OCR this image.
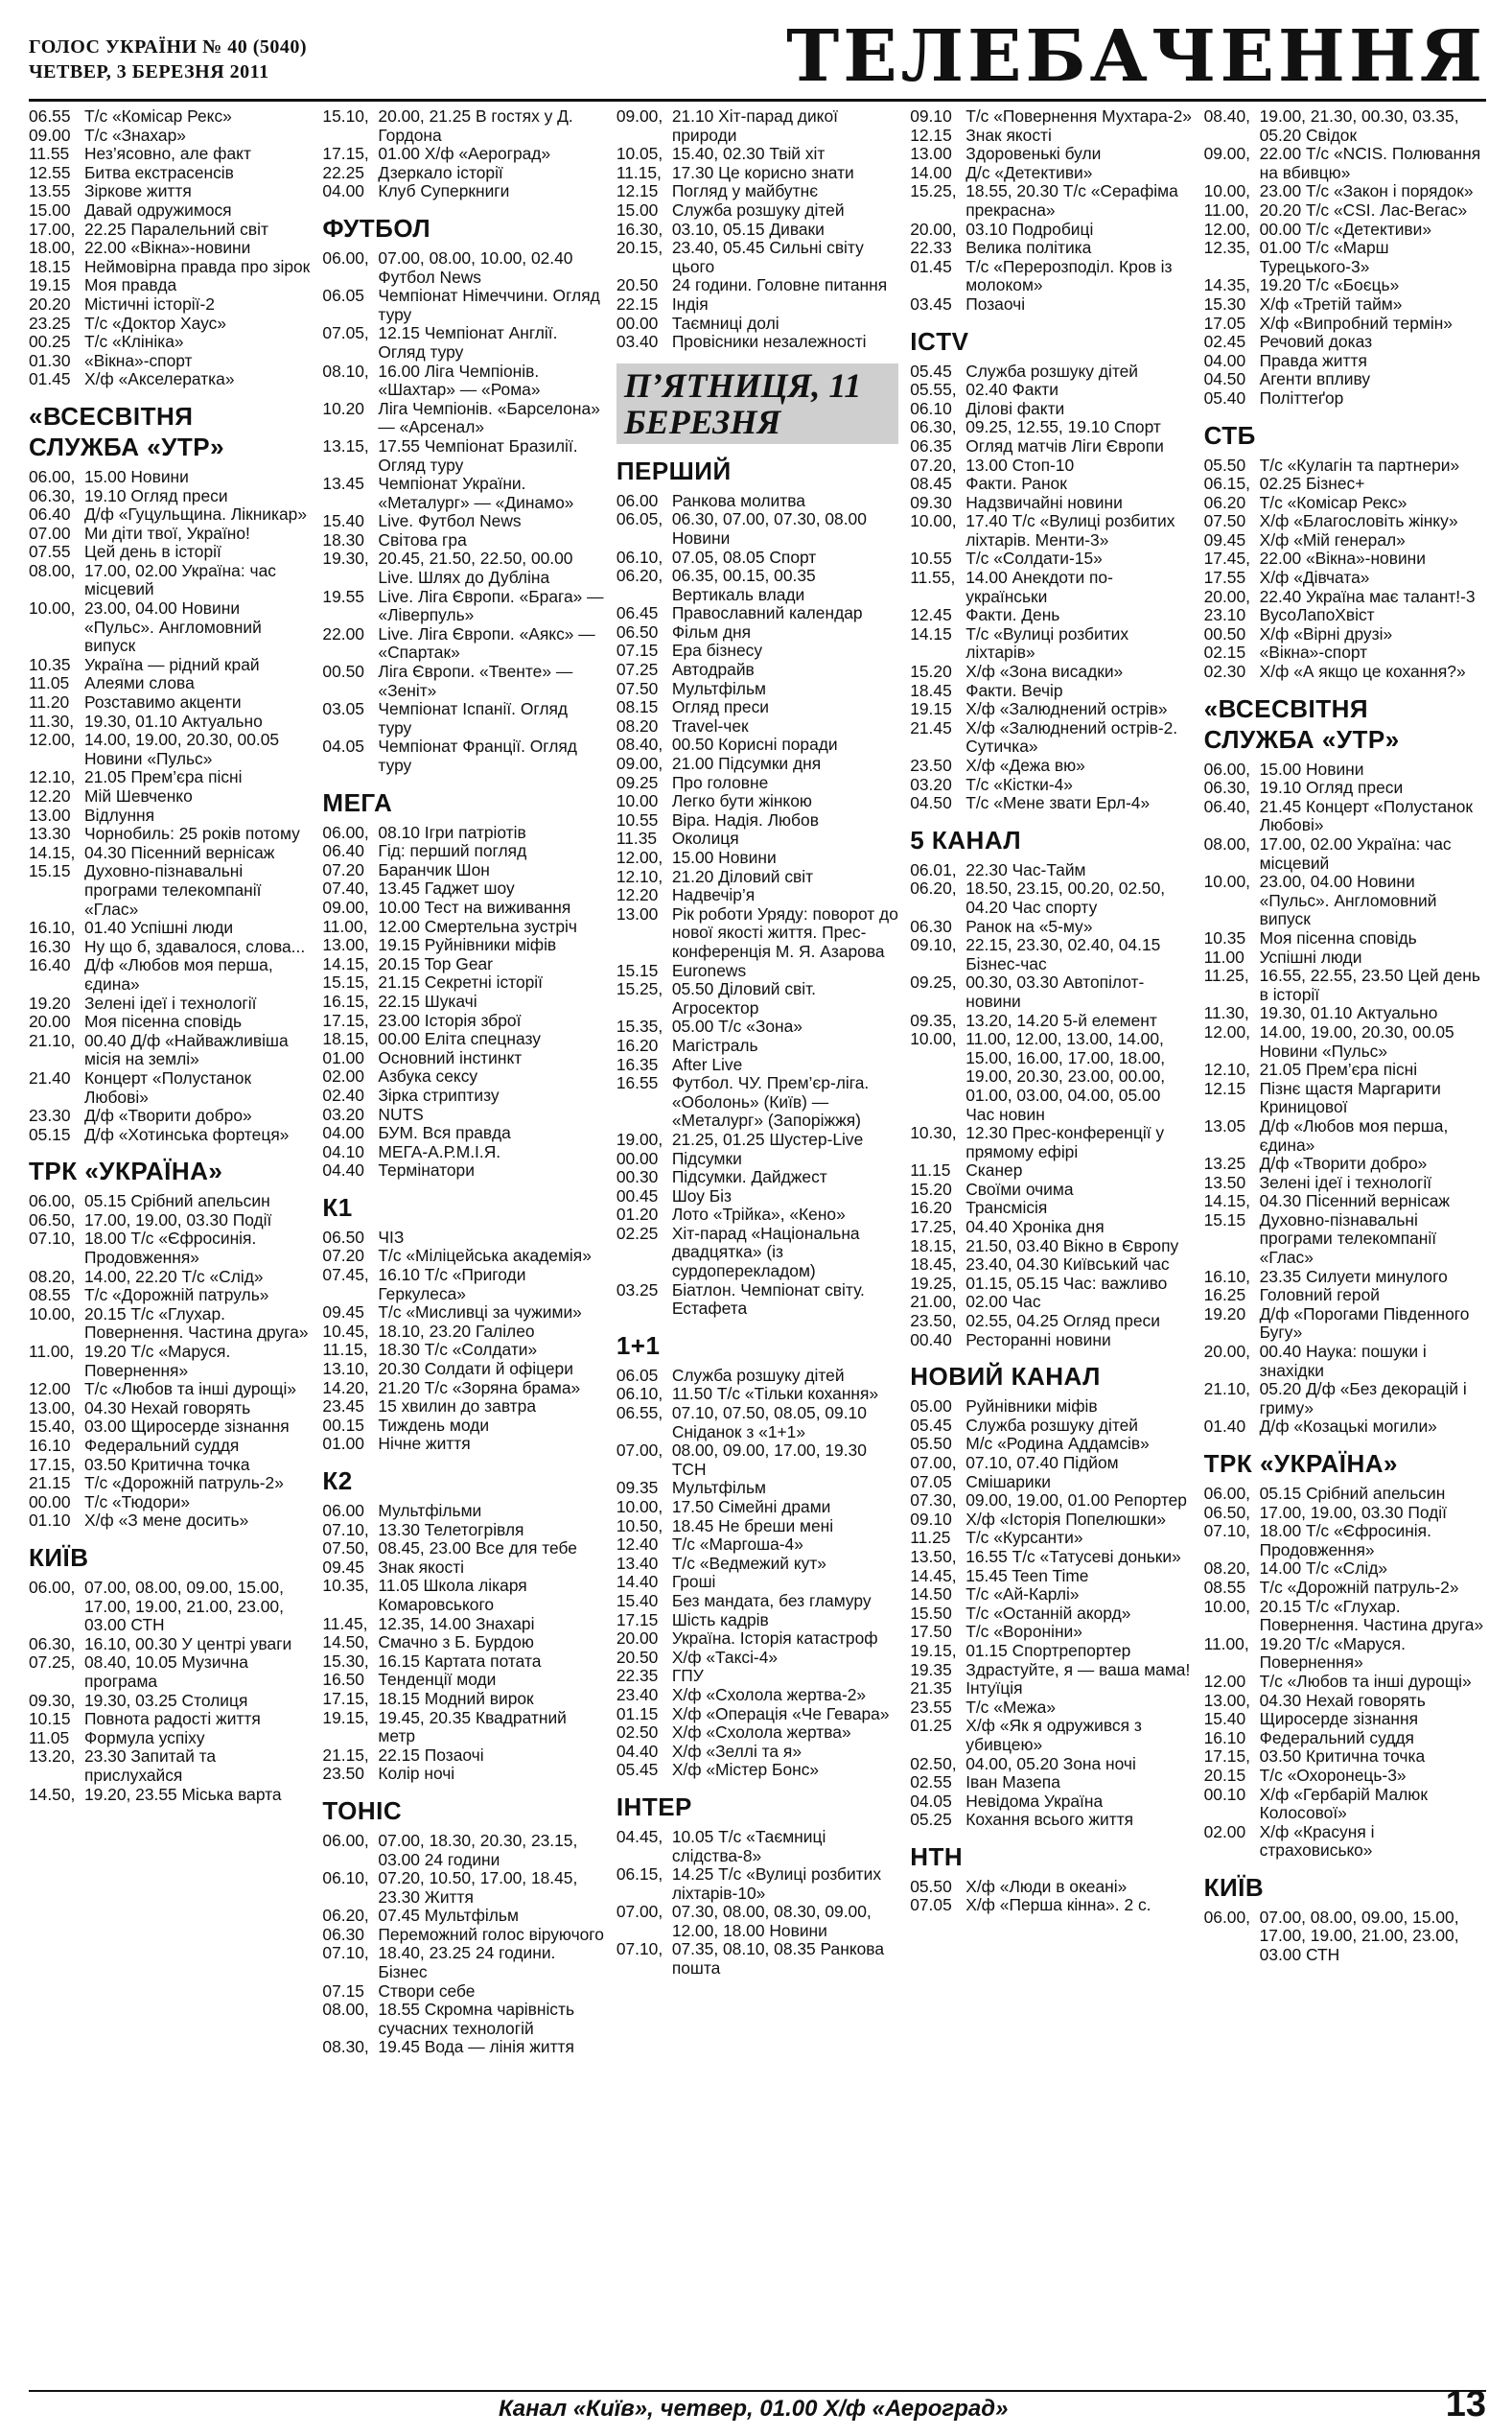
ГОЛОС УКРАЇНИ № 40 (5040)
ЧЕТВЕР, 3 БЕРЕЗНЯ 2011	ТЕЛЕБАЧЕННЯ
06.55 Т/с «Комісар Рекс»
09.00 Т/с «Знахар»
11.55 Нез’ясовно, але факт
12.55 Битва екстрасенсів
13.55 Зіркове життя
15.00 Давай одружимося
17.00, 22.25 Паралельний світ
18.00, 22.00 «Вікна»-новини
18.15 Неймовірна правда про зірок
19.15 Моя правда
20.20 Містичні історії-2
23.25 Т/с «Доктор Хаус»
00.25 Т/с «Клініка»
01.30 «Вікна»-спорт
01.45 Х/ф «Акселератка»
«ВСЕСВІТНЯ СЛУЖБА «УТР»
06.00, 15.00 Новини
06.30, 19.10 Огляд преси
06.40 Д/ф «Гуцульщина. Лікникар»
07.00 Ми діти твої, Україно!
07.55 Цей день в історії
08.00, 17.00, 02.00 Україна: час місцевий
10.00, 23.00, 04.00 Новини «Пульс». Англомовний випуск
10.35 Україна — рідний край
11.05 Алеями слова
11.20 Розставимо акценти
11.30, 19.30, 01.10 Актуально
12.00, 14.00, 19.00, 20.30, 00.05 Новини «Пульс»
12.10, 21.05 Прем’єра пісні
12.20 Мій Шевченко
13.00 Відлуння
13.30 Чорнобиль: 25 років потому
14.15, 04.30 Пісенний вернісаж
15.15 Духовно-пізнавальні програми телекомпанії «Глас»
16.10, 01.40 Успішні люди
16.30 Ну що б, здавалося, слова...
16.40 Д/ф «Любов моя перша, єдина»
19.20 Зелені ідеї і технології
20.00 Моя пісенна сповідь
21.10, 00.40 Д/ф «Найважливіша місія на землі»
21.40 Концерт «Полустанок Любові»
23.30 Д/ф «Творити добро»
05.15 Д/ф «Хотинська фортеця»
ТРК «УКРАЇНА»
06.00, 05.15 Срібний апельсин
06.50, 17.00, 19.00, 03.30 Події
07.10, 18.00 Т/с «Єфросинія. Продовження»
08.20, 14.00, 22.20 Т/с «Слід»
08.55 Т/с «Дорожній патруль»
10.00, 20.15 Т/с «Глухар. Повернення. Частина друга»
11.00, 19.20 Т/с «Маруся. Повернення»
12.00 Т/с «Любов та інші дурощі»
13.00, 04.30 Нехай говорять
15.40, 03.00 Щиросерде зізнання
16.10 Федеральний суддя
17.15, 03.50 Критична точка
21.15 Т/с «Дорожній патруль-2»
00.00 Т/с «Тюдори»
01.10 Х/ф «З мене досить»
КИЇВ
06.00, 07.00, 08.00, 09.00, 15.00, 17.00, 19.00, 21.00, 23.00, 03.00 СТН
06.30, 16.10, 00.30 У центрі уваги
07.25, 08.40, 10.05 Музична програма
09.30, 19.30, 03.25 Столиця
10.15 Повнота радості життя
11.05 Формула успіху
13.20, 23.30 Запитай та прислухайся
14.50, 19.20, 23.55 Міська варта
15.10, 20.00, 21.25 В гостях у Д. Гордона
17.15, 01.00 Х/ф «Аероград»
22.25 Дзеркало історії
04.00 Клуб Суперкниги
ФУТБОЛ
06.00, 07.00, 08.00, 10.00, 02.40 Футбол News
06.05 Чемпіонат Німеччини. Огляд туру
07.05, 12.15 Чемпіонат Англії. Огляд туру
08.10, 16.00 Ліга Чемпіонів. «Шахтар» — «Рома»
10.20 Ліга Чемпіонів. «Барселона» — «Арсенал»
13.15, 17.55 Чемпіонат Бразилії. Огляд туру
13.45 Чемпіонат України. «Металург» — «Динамо»
15.40 Live. Футбол News
18.30 Світова гра
19.30, 20.45, 21.50, 22.50, 00.00 Live. Шлях до Дубліна
19.55 Live. Ліга Європи. «Брага» — «Ліверпуль»
22.00 Live. Ліга Європи. «Аякс» — «Спартак»
00.50 Ліга Європи. «Твенте» — «Зеніт»
03.05 Чемпіонат Іспанії. Огляд туру
04.05 Чемпіонат Франції. Огляд туру
МЕГА
06.00, 08.10 Ігри патріотів
06.40 Гід: перший погляд
07.20 Баранчик Шон
07.40, 13.45 Гаджет шоу
09.00, 10.00 Тест на виживання
11.00, 12.00 Смертельна зустріч
13.00, 19.15 Руйнівники міфів
14.15, 20.15 Top Gear
15.15, 21.15 Секретні історії
16.15, 22.15 Шукачі
17.15, 23.00 Історія зброї
18.15, 00.00 Еліта спецназу
01.00 Основний інстинкт
02.00 Азбука сексу
02.40 Зірка стриптизу
03.20 NUTS
04.00 БУМ. Вся правда
04.10 МЕГА-А.Р.М.І.Я.
04.40 Термінатори
К1
06.50 ЧІЗ
07.20 Т/с «Міліцейська академія»
07.45, 16.10 Т/с «Пригоди Геркулеса»
09.45 Т/с «Мисливці за чужими»
10.45, 18.10, 23.20 Галілео
11.15, 18.30 Т/с «Солдати»
13.10, 20.30 Солдати й офіцери
14.20, 21.20 Т/с «Зоряна брама»
23.45 15 хвилин до завтра
00.15 Тиждень моди
01.00 Нічне життя
К2
06.00 Мультфільми
07.10, 13.30 Телетогрівля
07.50, 08.45, 23.00 Все для тебе
09.45 Знак якості
10.35, 11.05 Школа лікаря Комаровського
11.45, 12.35, 14.00 Знахарі
14.50, Смачно з Б. Бурдою
15.30, 16.15 Картата потата
16.50 Тенденції моди
17.15, 18.15 Модний вирок
19.15, 19.45, 20.35 Квадратний метр
21.15, 22.15 Позаочі
23.50 Колір ночі
ТОНІС
06.00, 07.00, 18.30, 20.30, 23.15, 03.00 24 години
06.10, 07.20, 10.50, 17.00, 18.45, 23.30 Життя
06.20, 07.45 Мультфільм
06.30 Переможний голос віруючого
07.10, 18.40, 23.25 24 години. Бізнес
07.15 Створи себе
08.00, 18.55 Скромна чарівність сучасних технологій
08.30, 19.45 Вода — лінія життя
09.00, 21.10 Хіт-парад дикої природи
10.05, 15.40, 02.30 Твій хіт
11.15, 17.30 Це корисно знати
12.15 Погляд у майбутнє
15.00 Служба розшуку дітей
16.30, 03.10, 05.15 Диваки
20.15, 23.40, 05.45 Сильні світу цього
20.50 24 години. Головне питання
22.15 Індія
00.00 Таємниці долі
03.40 Провісники незалежності
П’ЯТНИЦЯ, 11 БЕРЕЗНЯ
ПЕРШИЙ
06.00 Ранкова молитва
06.05, 06.30, 07.00, 07.30, 08.00 Новини
06.10, 07.05, 08.05 Спорт
06.20, 06.35, 00.15, 00.35 Вертикаль влади
06.45 Православний календар
06.50 Фільм дня
07.15 Ера бізнесу
07.25 Автодрайв
07.50 Мультфільм
08.15 Огляд преси
08.20 Travel-чек
08.40, 00.50 Корисні поради
09.00, 21.00 Підсумки дня
09.25 Про головне
10.00 Легко бути жінкою
10.55 Віра. Надія. Любов
11.35 Околиця
12.00, 15.00 Новини
12.10, 21.20 Діловий світ
12.20 Надвечір’я
13.00 Рік роботи Уряду: поворот до нової якості життя. Прес-конференція М. Я. Азарова
15.15 Euronews
15.25, 05.50 Діловий світ. Агросектор
15.35, 05.00 Т/с «Зона»
16.20 Магістраль
16.35 After Live
16.55 Футбол. ЧУ. Прем’єр-ліга. «Оболонь» (Київ) — «Металург» (Запоріжжя)
19.00, 21.25, 01.25 Шустер-Live
00.00 Підсумки
00.30 Підсумки. Дайджест
00.45 Шоу Біз
01.20 Лото «Трійка», «Кено»
02.25 Хіт-парад «Національна двадцятка» (із сурдоперекладом)
03.25 Біатлон. Чемпіонат світу. Естафета
1+1
06.05 Служба розшуку дітей
06.10, 11.50 Т/с «Тільки кохання»
06.55, 07.10, 07.50, 08.05, 09.10 Сніданок з «1+1»
07.00, 08.00, 09.00, 17.00, 19.30 ТСН
09.35 Мультфільм
10.00, 17.50 Сімейні драми
10.50, 18.45 Не бреши мені
12.40 Т/с «Маргоша-4»
13.40 Т/с «Ведмежий кут»
14.40 Гроші
15.40 Без мандата, без гламуру
17.15 Шість кадрів
20.00 Україна. Історія катастроф
20.50 Х/ф «Таксі-4»
22.35 ГПУ
23.40 Х/ф «Схолола жертва-2»
01.15 Х/ф «Операція «Че Гевара»
02.50 Х/ф «Схолола жертва»
04.40 Х/ф «Зеллі та я»
05.45 Х/ф «Містер Бонс»
ІНТЕР
04.45, 10.05 Т/с «Таємниці слідства-8»
06.15, 14.25 Т/с «Вулиці розбитих ліхтарів-10»
07.00, 07.30, 08.00, 08.30, 09.00, 12.00, 18.00 Новини
07.10, 07.35, 08.10, 08.35 Ранкова пошта
09.10 Т/с «Повернення Мухтара-2»
12.15 Знак якості
13.00 Здоровенькі були
14.00 Д/с «Детективи»
15.25, 18.55, 20.30 Т/с «Серафіма прекрасна»
20.00, 03.10 Подробиці
22.33 Велика політика
01.45 Т/с «Перерозподіл. Кров із молоком»
03.45 Позаочі
ICTV
05.45 Служба розшуку дітей
05.55, 02.40 Факти
06.10 Ділові факти
06.30, 09.25, 12.55, 19.10 Спорт
06.35 Огляд матчів Ліги Європи
07.20, 13.00 Стоп-10
08.45 Факти. Ранок
09.30 Надзвичайні новини
10.00, 17.40 Т/с «Вулиці розбитих ліхтарів. Менти-3»
10.55 Т/с «Солдати-15»
11.55, 14.00 Анекдоти по-українськи
12.45 Факти. День
14.15 Т/с «Вулиці розбитих ліхтарів»
15.20 Х/ф «Зона висадки»
18.45 Факти. Вечір
19.15 Х/ф «Залюднений острів»
21.45 Х/ф «Залюднений острів-2. Сутичка»
23.50 Х/ф «Дежа вю»
03.20 Т/с «Кістки-4»
04.50 Т/с «Мене звати Ерл-4»
5 КАНАЛ
06.01, 22.30 Час-Тайм
06.20, 18.50, 23.15, 00.20, 02.50, 04.20 Час спорту
06.30 Ранок на «5-му»
09.10, 22.15, 23.30, 02.40, 04.15 Бізнес-час
09.25, 00.30, 03.30 Автопілот-новини
09.35, 13.20, 14.20 5-й елемент
10.00, 11.00, 12.00, 13.00, 14.00, 15.00, 16.00, 17.00, 18.00, 19.00, 20.30, 23.00, 00.00, 01.00, 03.00, 04.00, 05.00 Час новин
10.30, 12.30 Прес-конференції у прямому ефірі
11.15 Сканер
15.20 Своїми очима
16.20 Трансмісія
17.25, 04.40 Хроніка дня
18.15, 21.50, 03.40 Вікно в Європу
18.45, 23.40, 04.30 Київський час
19.25, 01.15, 05.15 Час: важливо
21.00, 02.00 Час
23.50, 02.55, 04.25 Огляд преси
00.40 Ресторанні новини
НОВИЙ КАНАЛ
05.00 Руйнівники міфів
05.45 Служба розшуку дітей
05.50 М/с «Родина Аддамсів»
07.00, 07.10, 07.40 Підйом
07.05 Смішарики
07.30, 09.00, 19.00, 01.00 Репортер
09.10 Х/ф «Історія Попелюшки»
11.25 Т/с «Курсанти»
13.50, 16.55 Т/с «Татусеві доньки»
14.45, 15.45 Teen Time
14.50 Т/с «Ай-Карлі»
15.50 Т/с «Останній акорд»
17.50 Т/с «Вороніни»
19.15, 01.15 Спортрепортер
19.35 Здрастуйте, я — ваша мама!
21.35 Інтуїція
23.55 Т/с «Межа»
01.25 Х/ф «Як я одружився з убивцею»
02.50, 04.00, 05.20 Зона ночі
02.55 Іван Мазепа
04.05 Невідома Україна
05.25 Кохання всього життя
НТН
05.50 Х/ф «Люди в океані»
07.05 Х/ф «Перша кінна». 2 с.
08.40, 19.00, 21.30, 00.30, 03.35, 05.20 Свідок
09.00, 22.00 Т/с «NCIS. Полювання на вбивцю»
10.00, 23.00 Т/с «Закон і порядок»
11.00, 20.20 Т/с «CSI. Лас-Вегас»
12.00, 00.00 Т/с «Детективи»
12.35, 01.00 Т/с «Марш Турецького-3»
14.35, 19.20 Т/с «Боєць»
15.30 Х/ф «Третій тайм»
17.05 Х/ф «Випробний термін»
02.45 Речовий доказ
04.00 Правда життя
04.50 Агенти впливу
05.40 Політтеґор
СТБ
05.50 Т/с «Кулагін та партнери»
06.15, 02.25 Бізнес+
06.20 Т/с «Комісар Рекс»
07.50 Х/ф «Благословіть жінку»
09.45 Х/ф «Мій генерал»
17.45, 22.00 «Вікна»-новини
17.55 Х/ф «Дівчата»
20.00, 22.40 Україна має талант!-3
23.10 ВусоЛапоХвіст
00.50 Х/ф «Вірні друзі»
02.15 «Вікна»-спорт
02.30 Х/ф «А якщо це кохання?»
«ВСЕСВІТНЯ СЛУЖБА «УТР»
06.00, 15.00 Новини
06.30, 19.10 Огляд преси
06.40, 21.45 Концерт «Полустанок Любові»
08.00, 17.00, 02.00 Україна: час місцевий
10.00, 23.00, 04.00 Новини «Пульс». Англомовний випуск
10.35 Моя пісенна сповідь
11.00 Успішні люди
11.25, 16.55, 22.55, 23.50 Цей день в історії
11.30, 19.30, 01.10 Актуально
12.00, 14.00, 19.00, 20.30, 00.05 Новини «Пульс»
12.10, 21.05 Прем’єра пісні
12.15 Пізнє щастя Маргарити Криницової
13.05 Д/ф «Любов моя перша, єдина»
13.25 Д/ф «Творити добро»
13.50 Зелені ідеї і технології
14.15, 04.30 Пісенний вернісаж
15.15 Духовно-пізнавальні програми телекомпанії «Глас»
16.10, 23.35 Силуети минулого
16.25 Головний герой
19.20 Д/ф «Порогами Південного Бугу»
20.00, 00.40 Наука: пошуки і знахідки
21.10, 05.20 Д/ф «Без декорацій і гриму»
01.40 Д/ф «Козацькі могили»
ТРК «УКРАЇНА»
06.00, 05.15 Срібний апельсин
06.50, 17.00, 19.00, 03.30 Події
07.10, 18.00 Т/с «Єфросинія. Продовження»
08.20, 14.00 Т/с «Слід»
08.55 Т/с «Дорожній патруль-2»
10.00, 20.15 Т/с «Глухар. Повернення. Частина друга»
11.00, 19.20 Т/с «Маруся. Повернення»
12.00 Т/с «Любов та інші дурощі»
13.00, 04.30 Нехай говорять
15.40 Щиросерде зізнання
16.10 Федеральний суддя
17.15, 03.50 Критична точка
20.15 Т/с «Охоронець-3»
00.10 Х/ф «Гербарій Малюк Колосової»
02.00 Х/ф «Красуня і страховиськo»
КИЇВ
06.00, 07.00, 08.00, 09.00, 15.00, 17.00, 19.00, 21.00, 23.00, 03.00 СТН
Канал «Київ», четвер, 01.00 Х/ф «Аероград»	13
